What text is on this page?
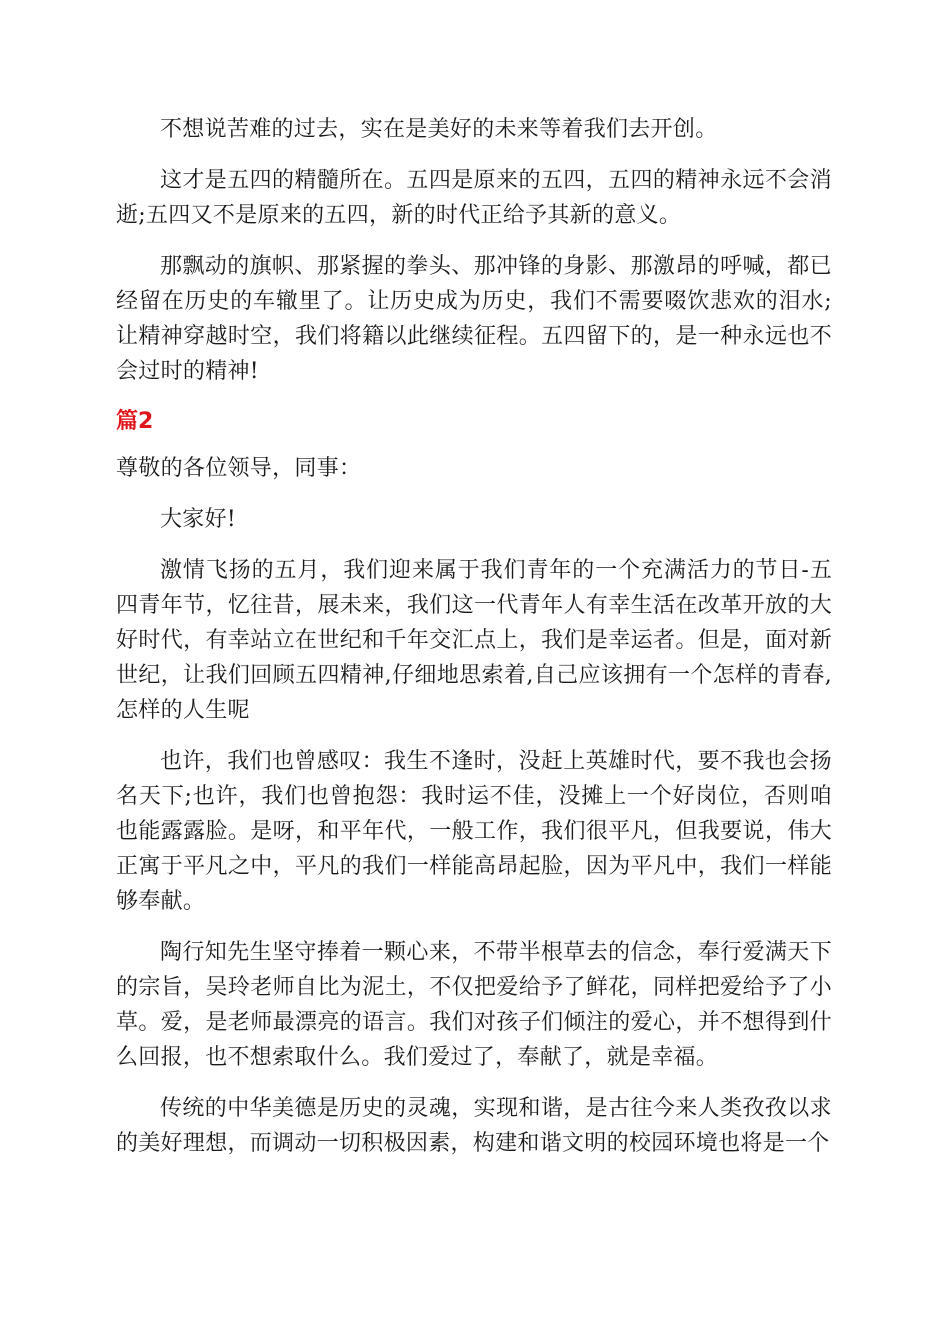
不想说苦难的过去，实在是美好的未来等着我们去开创。

这才是五四的精髓所在。五四是原来的五四，五四的精神永远不会消逝;五四又不是原来的五四，新的时代正给予其新的意义。

那飘动的旗帜、那紧握的拳头、那冲锋的身影、那激昂的呼喊，都已经留在历史的车辙里了。让历史成为历史，我们不需要啜饮悲欢的泪水;让精神穿越时空，我们将籍以此继续征程。五四留下的，是一种永远也不会过时的精神!

篇2

尊敬的各位领导，同事：

大家好!

激情飞扬的五月，我们迎来属于我们青年的一个充满活力的节日-五四青年节，忆往昔，展未来，我们这一代青年人有幸生活在改革开放的大好时代，有幸站立在世纪和千年交汇点上，我们是幸运者。但是，面对新世纪，让我们回顾五四精神,仔细地思索着,自己应该拥有一个怎样的青春,怎样的人生呢

也许，我们也曾感叹：我生不逢时，没赶上英雄时代，要不我也会扬名天下;也许，我们也曾抱怨：我时运不佳，没摊上一个好岗位，否则咱也能露露脸。是呀，和平年代，一般工作，我们很平凡，但我要说，伟大正寓于平凡之中，平凡的我们一样能高昂起脸，因为平凡中，我们一样能够奉献。

陶行知先生坚守捧着一颗心来，不带半根草去的信念，奉行爱满天下的宗旨，吴玲老师自比为泥土，不仅把爱给予了鲜花，同样把爱给予了小草。爱，是老师最漂亮的语言。我们对孩子们倾注的爱心，并不想得到什么回报，也不想索取什么。我们爱过了，奉献了，就是幸福。

传统的中华美德是历史的灵魂，实现和谐，是古往今来人类孜孜以求的美好理想，而调动一切积极因素，构建和谐文明的校园环境也将是一个
